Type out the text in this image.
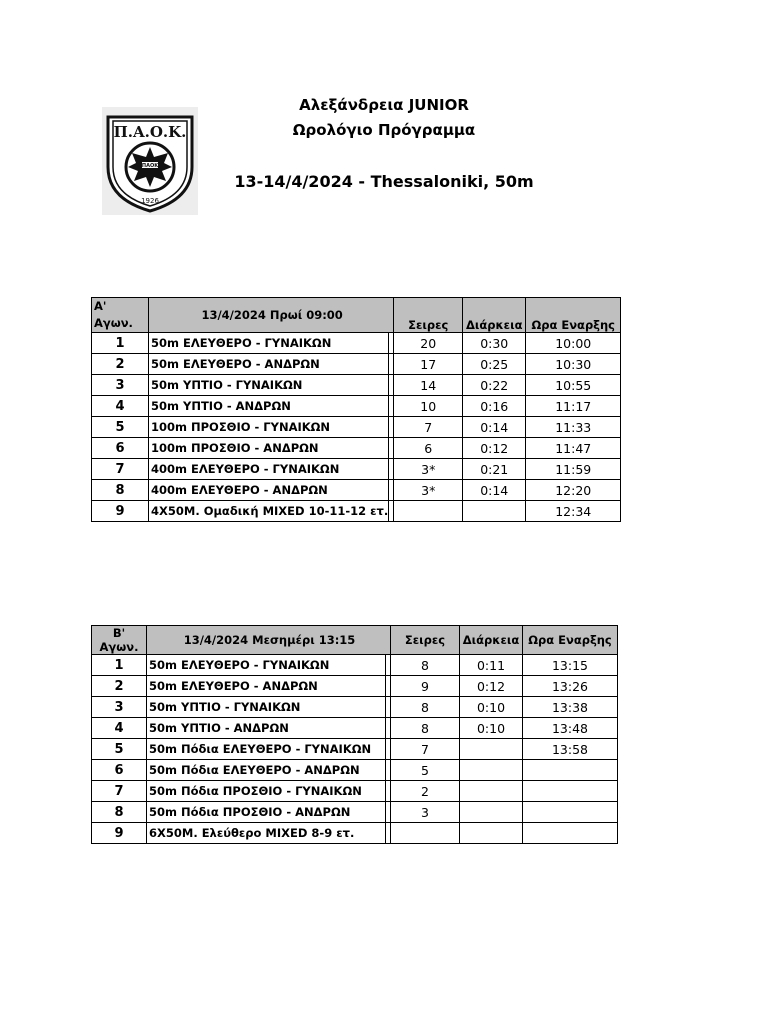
Π.Α.Ο.Κ.
ΠΑΟΚ
1926
Αλεξάνδρεια JUNIOR
Ωρολόγιο Πρόγραμμα
13-14/4/2024 - Thessaloniki, 50m
Α'
Αγων.	13/4/2024 Πρωί 09:00		Σειρες	Διάρκεια	Ωρα Εναρξης
1	50m ΕΛΕΥΘΕΡΟ - ΓΥΝΑΙΚΩΝ		20	0:30	10:00
2	50m ΕΛΕΥΘΕΡΟ - ΑΝΔΡΩΝ		17	0:25	10:30
3	50m ΥΠΤΙΟ - ΓΥΝΑΙΚΩΝ		14	0:22	10:55
4	50m ΥΠΤΙΟ - ΑΝΔΡΩΝ		10	0:16	11:17
5	100m ΠΡΟΣΘΙΟ - ΓΥΝΑΙΚΩΝ		7	0:14	11:33
6	100m ΠΡΟΣΘΙΟ - ΑΝΔΡΩΝ		6	0:12	11:47
7	400m ΕΛΕΥΘΕΡΟ - ΓΥΝΑΙΚΩΝ		3*	0:21	11:59
8	400m ΕΛΕΥΘΕΡΟ - ΑΝΔΡΩΝ		3*	0:14	12:20
9	4X50M. Ομαδική MIXED 10-11-12 ετ.				12:34
Β' Αγων.	13/4/2024 Μεσημέρι 13:15		Σειρες	Διάρκεια	Ωρα Εναρξης
1	50m ΕΛΕΥΘΕΡΟ - ΓΥΝΑΙΚΩΝ		8	0:11	13:15
2	50m ΕΛΕΥΘΕΡΟ - ΑΝΔΡΩΝ		9	0:12	13:26
3	50m ΥΠΤΙΟ - ΓΥΝΑΙΚΩΝ		8	0:10	13:38
4	50m ΥΠΤΙΟ - ΑΝΔΡΩΝ		8	0:10	13:48
5	50m Πόδια ΕΛΕΥΘΕΡΟ - ΓΥΝΑΙΚΩΝ		7		13:58
6	50m Πόδια ΕΛΕΥΘΕΡΟ - ΑΝΔΡΩΝ		5		
7	50m Πόδια ΠΡΟΣΘΙΟ - ΓΥΝΑΙΚΩΝ		2		
8	50m Πόδια ΠΡΟΣΘΙΟ - ΑΝΔΡΩΝ		3		
9	6X50M. Ελεύθερο MIXED 8-9 ετ.				
